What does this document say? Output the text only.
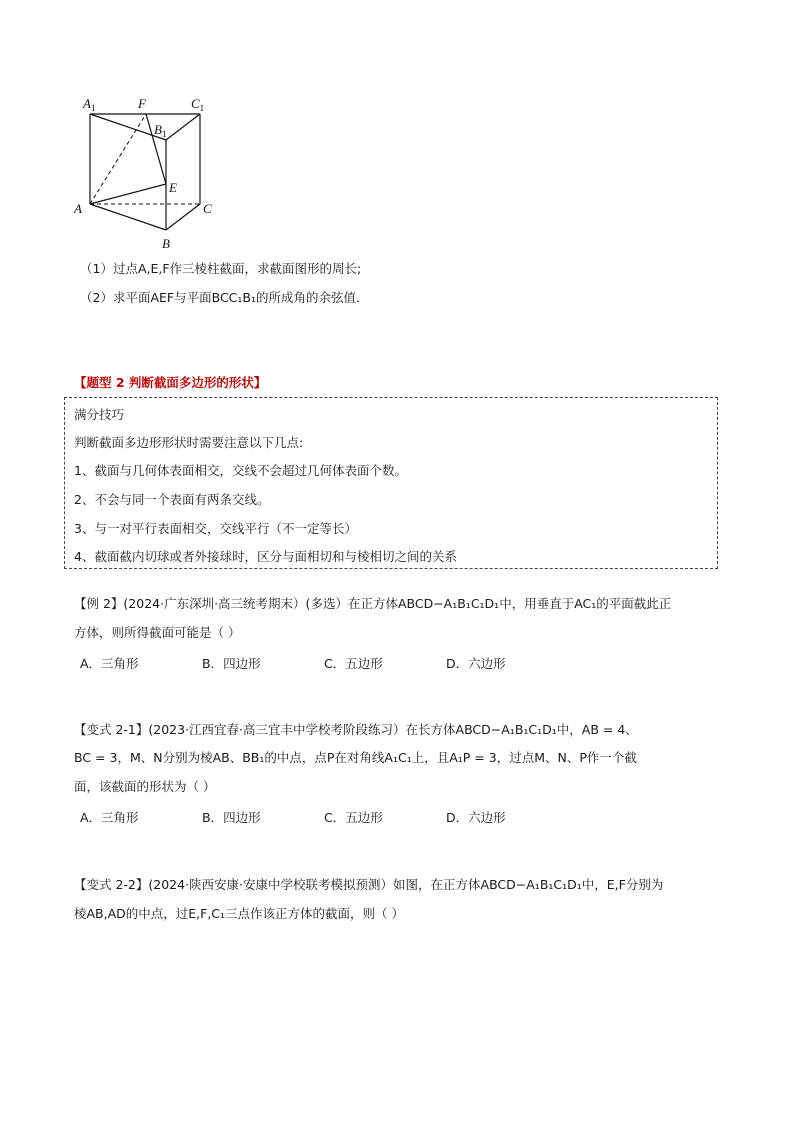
$A_1$	F	$C_1$
$B_1$
E
A	C
B
（1）过点A,E,F作三棱柱截面，求截面图形的周长;
（2）求平面AEF与平面BCC₁B₁的所成角的余弦值.
【题型 2 判断截面多边形的形状】
满分技巧
判断截面多边形形状时需要注意以下几点:
1、截面与几何体表面相交，交线不会超过几何体表面个数。
2、不会与同一个表面有两条交线。
3、与一对平行表面相交，交线平行（不一定等长）
4、截面截内切球或者外接球时，区分与面相切和与棱相切之间的关系
【例 2】(2024·广东深圳·高三统考期末）(多选）在正方体ABCD−A₁B₁C₁D₁中，用垂直于AC₁的平面截此正
方体，则所得截面可能是（ ）
A．三角形	B．四边形	C．五边形	D．六边形
【变式 2-1】(2023·江西宜春·高三宜丰中学校考阶段练习）在长方体ABCD−A₁B₁C₁D₁中，AB = 4、
BC = 3，M、N分别为棱AB、BB₁的中点，点P在对角线A₁C₁上，且A₁P = 3，过点M、N、P作一个截
面，该截面的形状为（ ）
A．三角形	B．四边形	C．五边形	D．六边形
【变式 2-2】(2024·陕西安康·安康中学校联考模拟预测）如图，在正方体ABCD−A₁B₁C₁D₁中，E,F分别为
棱AB,AD的中点，过E,F,C₁三点作该正方体的截面，则（ ）
